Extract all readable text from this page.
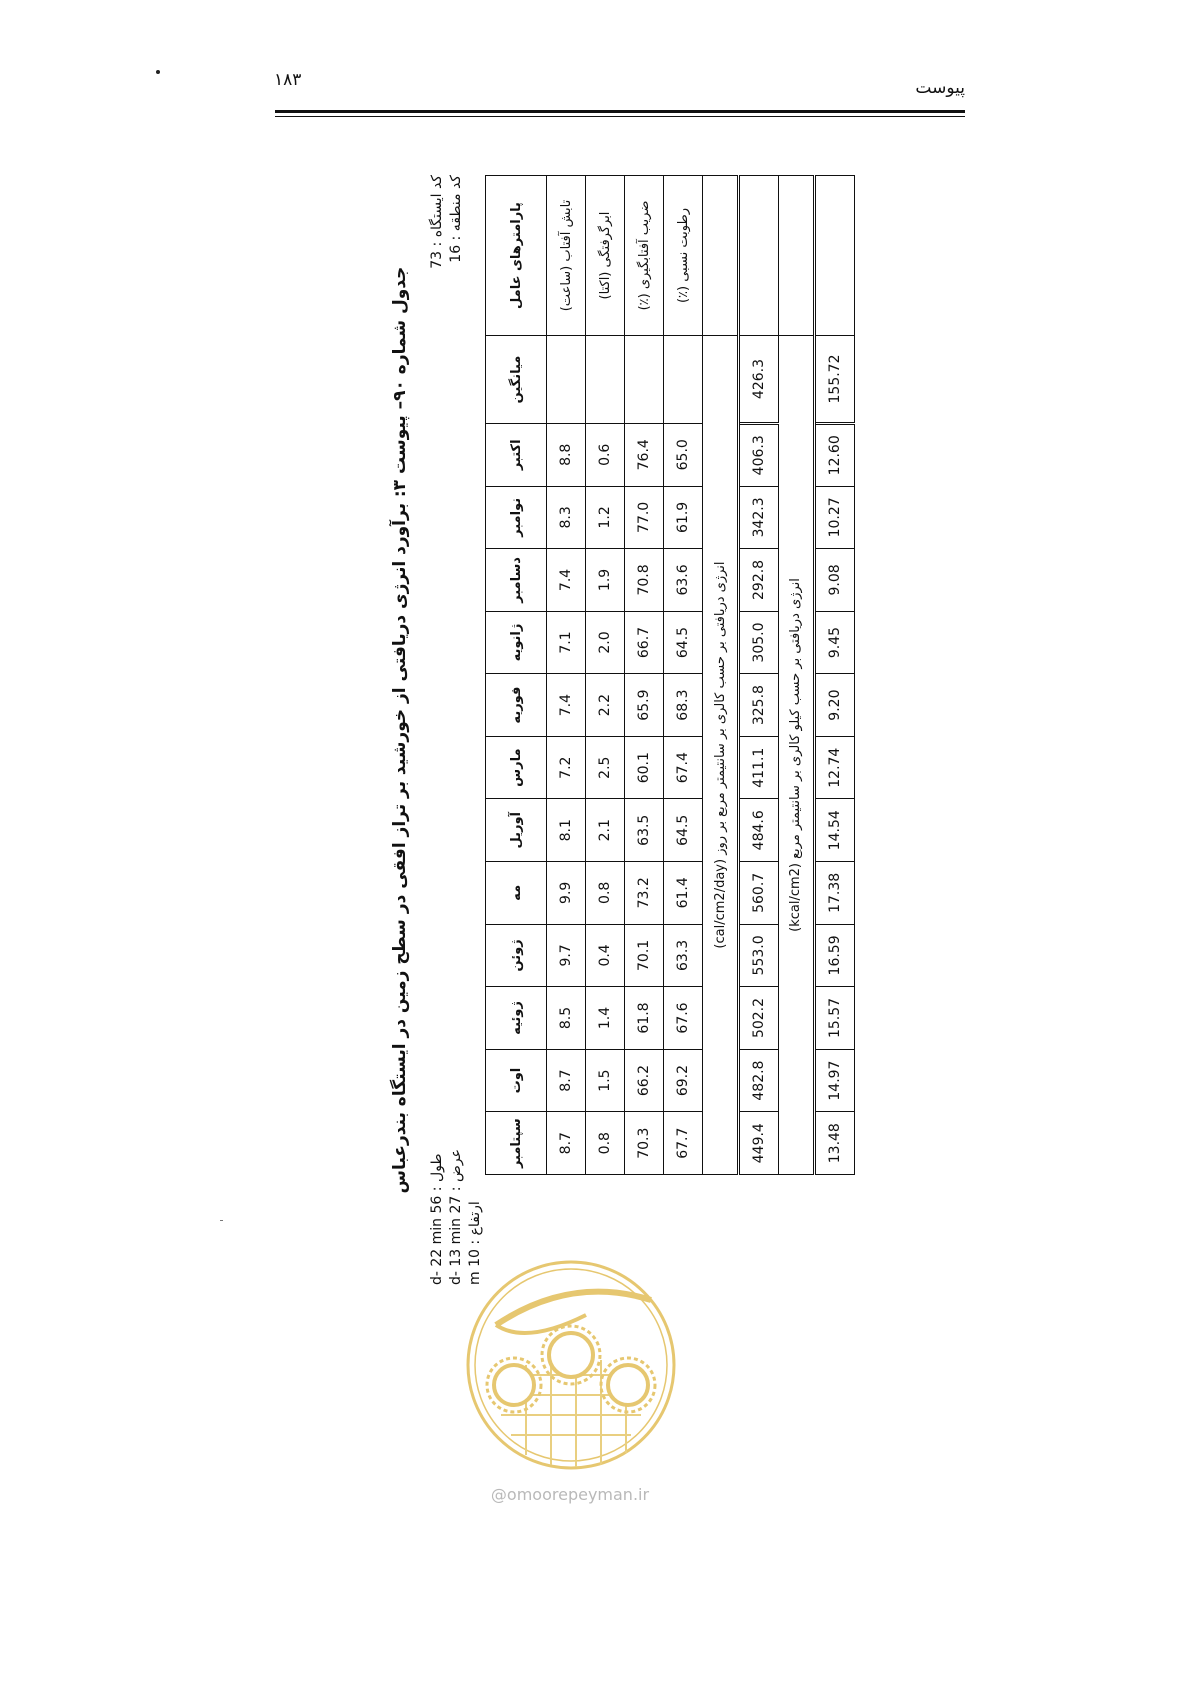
۱۸۳	پیوست
جدول شماره ۹۰– پیوست ۳: برآورد انرژی دریافتی از خورشید بر تراز افقی در سطح زمین در ایستگاه بندرعباس
طول : 56 d- 22 min
عرض : 27 d- 13 min
ارتفاع : 10 m
کد ایستگاه : 73
کد منطقه : 16	پارامترهای عامل	میانگین	اکتبر	نوامبر	دسامبر	ژانویه	فوریه	مارس	آوریل	مه	ژوئن	ژوئیه	اوت	سپتامبر
تابش آفتاب (ساعت)		8.8	8.3	7.4	7.1	7.4	7.2	8.1	9.9	9.7	8.5	8.7	8.7
ابرگرفتگی (اکتا)		0.6	1.2	1.9	2.0	2.2	2.5	2.1	0.8	0.4	1.4	1.5	0.8
ضریب آفتابگیری (٪)		76.4	77.0	70.8	66.7	65.9	60.1	63.5	73.2	70.1	61.8	66.2	70.3
رطوبت نسبی (٪)		65.0	61.9	63.6	64.5	68.3	67.4	64.5	61.4	63.3	67.6	69.2	67.7
	انرژی دریافتی بر حسب کالری بر سانتیمتر مربع بر روز (cal/cm2/day)												
	426.3	406.3	342.3	292.8	305.0	325.8	411.1	484.6	560.7	553.0	502.2	482.8	449.4
	انرژی دریافتی بر حسب کیلو کالری بر سانتیمتر مربع (kcal/cm2)												
	155.72	12.60	10.27	9.08	9.45	9.20	12.74	14.54	17.38	16.59	15.57	14.97	13.48
@omoorepeyman.ir
